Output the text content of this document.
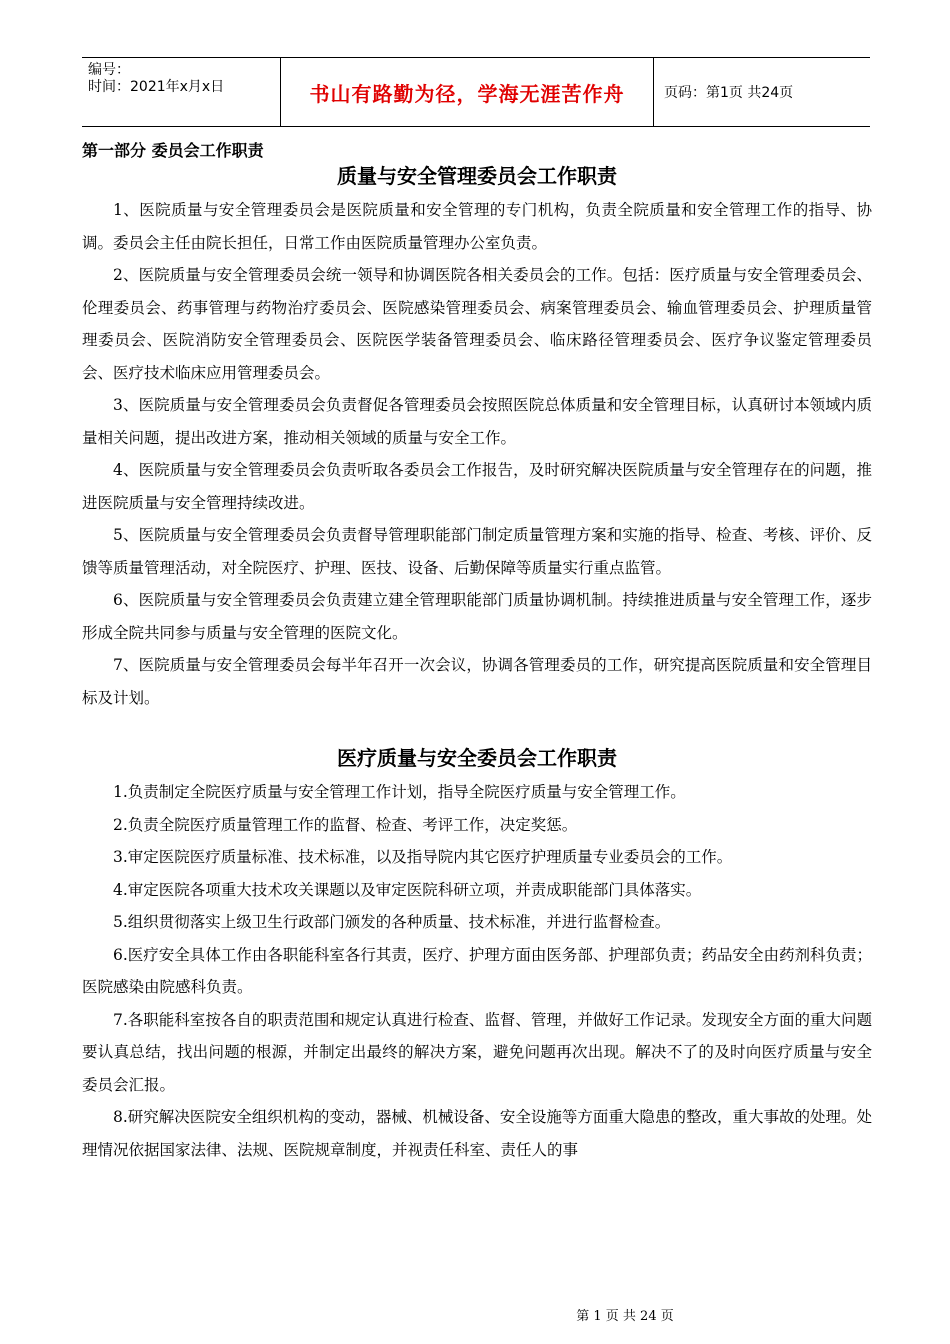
编号：
时间：2021年x月x日	书山有路勤为径，学海无涯苦作舟	页码：第1页 共24页
第一部分 委员会工作职责
质量与安全管理委员会工作职责

1、医院质量与安全管理委员会是医院质量和安全管理的专门机构，负责全院质量和安全管理工作的指导、协调。委员会主任由院长担任，日常工作由医院质量管理办公室负责。

2、医院质量与安全管理委员会统一领导和协调医院各相关委员会的工作。包括：医疗质量与安全管理委员会、伦理委员会、药事管理与药物治疗委员会、医院感染管理委员会、病案管理委员会、输血管理委员会、护理质量管理委员会、医院消防安全管理委员会、医院医学装备管理委员会、临床路径管理委员会、医疗争议鉴定管理委员会、医疗技术临床应用管理委员会。

3、医院质量与安全管理委员会负责督促各管理委员会按照医院总体质量和安全管理目标，认真研讨本领域内质量相关问题，提出改进方案，推动相关领域的质量与安全工作。

4、医院质量与安全管理委员会负责听取各委员会工作报告，及时研究解决医院质量与安全管理存在的问题，推进医院质量与安全管理持续改进。

5、医院质量与安全管理委员会负责督导管理职能部门制定质量管理方案和实施的指导、检查、考核、评价、反馈等质量管理活动，对全院医疗、护理、医技、设备、后勤保障等质量实行重点监管。

6、医院质量与安全管理委员会负责建立建全管理职能部门质量协调机制。持续推进质量与安全管理工作，逐步形成全院共同参与质量与安全管理的医院文化。

7、医院质量与安全管理委员会每半年召开一次会议，协调各管理委员的工作，研究提高医院质量和安全管理目标及计划。

医疗质量与安全委员会工作职责

1.负责制定全院医疗质量与安全管理工作计划，指导全院医疗质量与安全管理工作。

2.负责全院医疗质量管理工作的监督、检查、考评工作，决定奖惩。

3.审定医院医疗质量标准、技术标准，以及指导院内其它医疗护理质量专业委员会的工作。

4.审定医院各项重大技术攻关课题以及审定医院科研立项，并责成职能部门具体落实。

5.组织贯彻落实上级卫生行政部门颁发的各种质量、技术标准，并进行监督检查。

6.医疗安全具体工作由各职能科室各行其责，医疗、护理方面由医务部、护理部负责；药品安全由药剂科负责；医院感染由院感科负责。

7.各职能科室按各自的职责范围和规定认真进行检查、监督、管理，并做好工作记录。发现安全方面的重大问题要认真总结，找出问题的根源，并制定出最终的解决方案，避免问题再次出现。解决不了的及时向医疗质量与安全委员会汇报。

8.研究解决医院安全组织机构的变动，器械、机械设备、安全设施等方面重大隐患的整改，重大事故的处理。处理情况依据国家法律、法规、医院规章制度，并视责任科室、责任人的事

第 1 页 共 24 页
